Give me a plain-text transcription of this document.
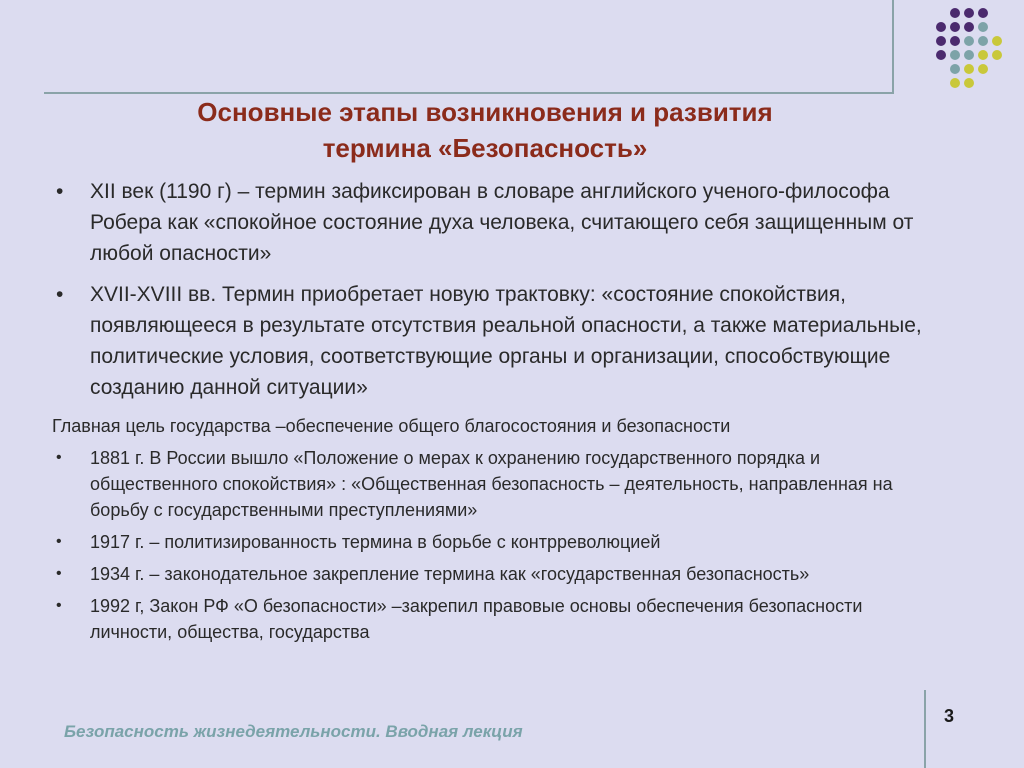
Основные этапы возникновения и развития
термина «Безопасность»
• XII век (1190 г) – термин зафиксирован в словаре английского ученого-философа Робера как «спокойное состояние духа человека, считающего себя защищенным от любой опасности»
• XVII-XVIII вв. Термин приобретает новую трактовку: «состояние спокойствия, появляющееся в результате отсутствия реальной опасности, а также материальные, политические условия, соответствующие органы и организации, способствующие созданию данной ситуации»
Главная цель государства –обеспечение общего благосостояния и безопасности
• 1881 г. В России вышло «Положение о мерах к охранению государственного порядка и общественного спокойствия» : «Общественная безопасность – деятельность, направленная на борьбу с государственными преступлениями»
• 1917 г. – политизированность термина в борьбе с контрреволюцией
• 1934 г. – законодательное закрепление термина как «государственная безопасность»
• 1992 г, Закон РФ «О безопасности» –закрепил правовые основы обеспечения безопасности личности, общества, государства
Безопасность жизнедеятельности. Вводная лекция
3
